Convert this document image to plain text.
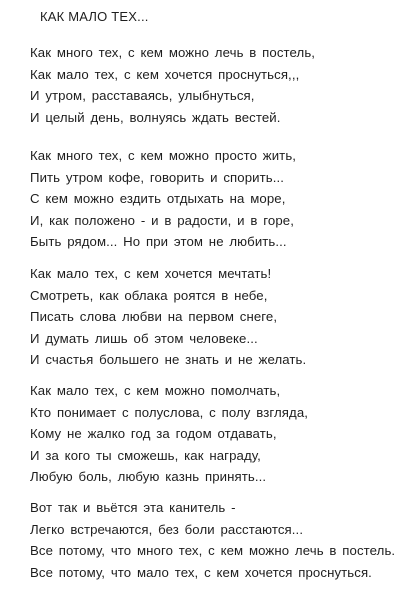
КАК МАЛО ТЕХ...
Как много тех, с кем можно лечь в постель,
Как мало тех, с кем хочется проснуться,,,
И утром, расставаясь, улыбнуться,
И целый день, волнуясь ждать вестей.
Как много тех, с кем можно просто жить,
Пить утром кофе, говорить и спорить...
С кем можно ездить отдыхать на море,
И, как положено - и в радости, и в горе,
Быть рядом... Но при этом не любить...
Как мало тех, с кем хочется мечтать!
Смотреть, как облака роятся в небе,
Писать слова любви на первом снеге,
И думать лишь об этом человеке...
И счастья большего не знать и не желать.
Как мало тех, с кем можно помолчать,
Кто понимает с полуслова, с полу взгляда,
Кому не жалко год за годом отдавать,
И за кого ты сможешь, как награду,
Любую боль, любую казнь принять...
Вот так и вьётся эта канитель -
Легко встречаются, без боли расстаются...
Все потому, что много тех, с кем можно лечь в постель.
Все потому, что мало тех, с кем хочется проснуться.
